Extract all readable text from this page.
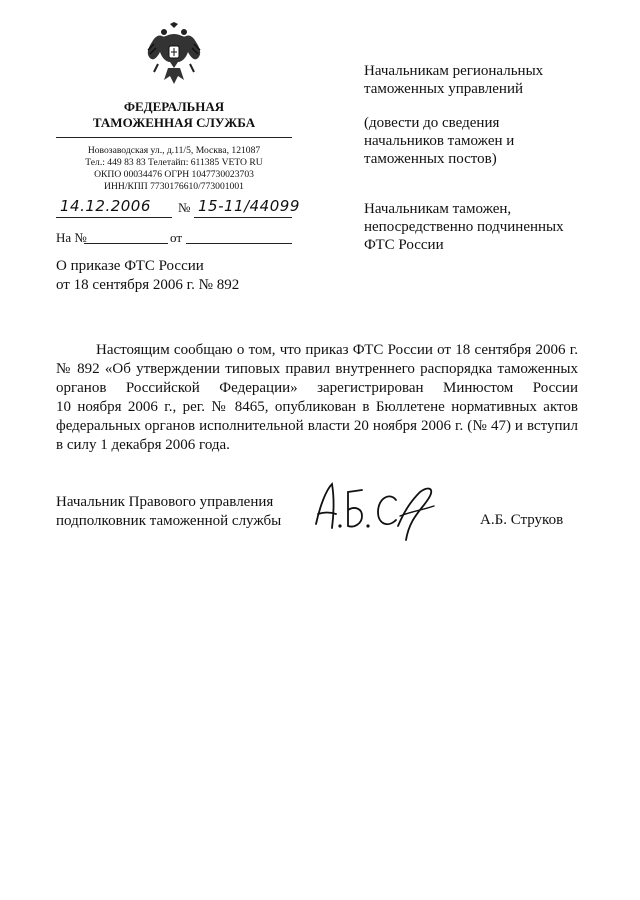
ФЕДЕРАЛЬНАЯ
ТАМОЖЕННАЯ СЛУЖБА
Новозаводская ул., д.11/5, Москва, 121087
Тел.: 449 83 83 Телетайп: 611385 VETO RU
ОКПО 00034476 ОГРН 1047730023703
ИНН/КПП 7730176610/773001001
14.12.2006 № 15-11/44099
На №	от
О приказе ФТС России
от 18 сентября 2006 г. № 892
Начальникам региональных
таможенных управлений
(довести до сведения
начальников таможен и
таможенных постов)
Начальникам таможен,
непосредственно подчиненных
ФТС России
Настоящим сообщаю о том, что приказ ФТС России от 18 сентября 2006 г.
№ 892 «Об утверждении типовых правил внутреннего распорядка таможенных
органов Российской Федерации» зарегистрирован Минюстом России
10 ноября 2006 г., рег. № 8465, опубликован в Бюллетене нормативных актов
федеральных органов исполнительной власти 20 ноября 2006 г. (№ 47) и вступил
в силу 1 декабря 2006 года.
Начальник Правового управления
подполковник таможенной службы	А.Б. Струков
